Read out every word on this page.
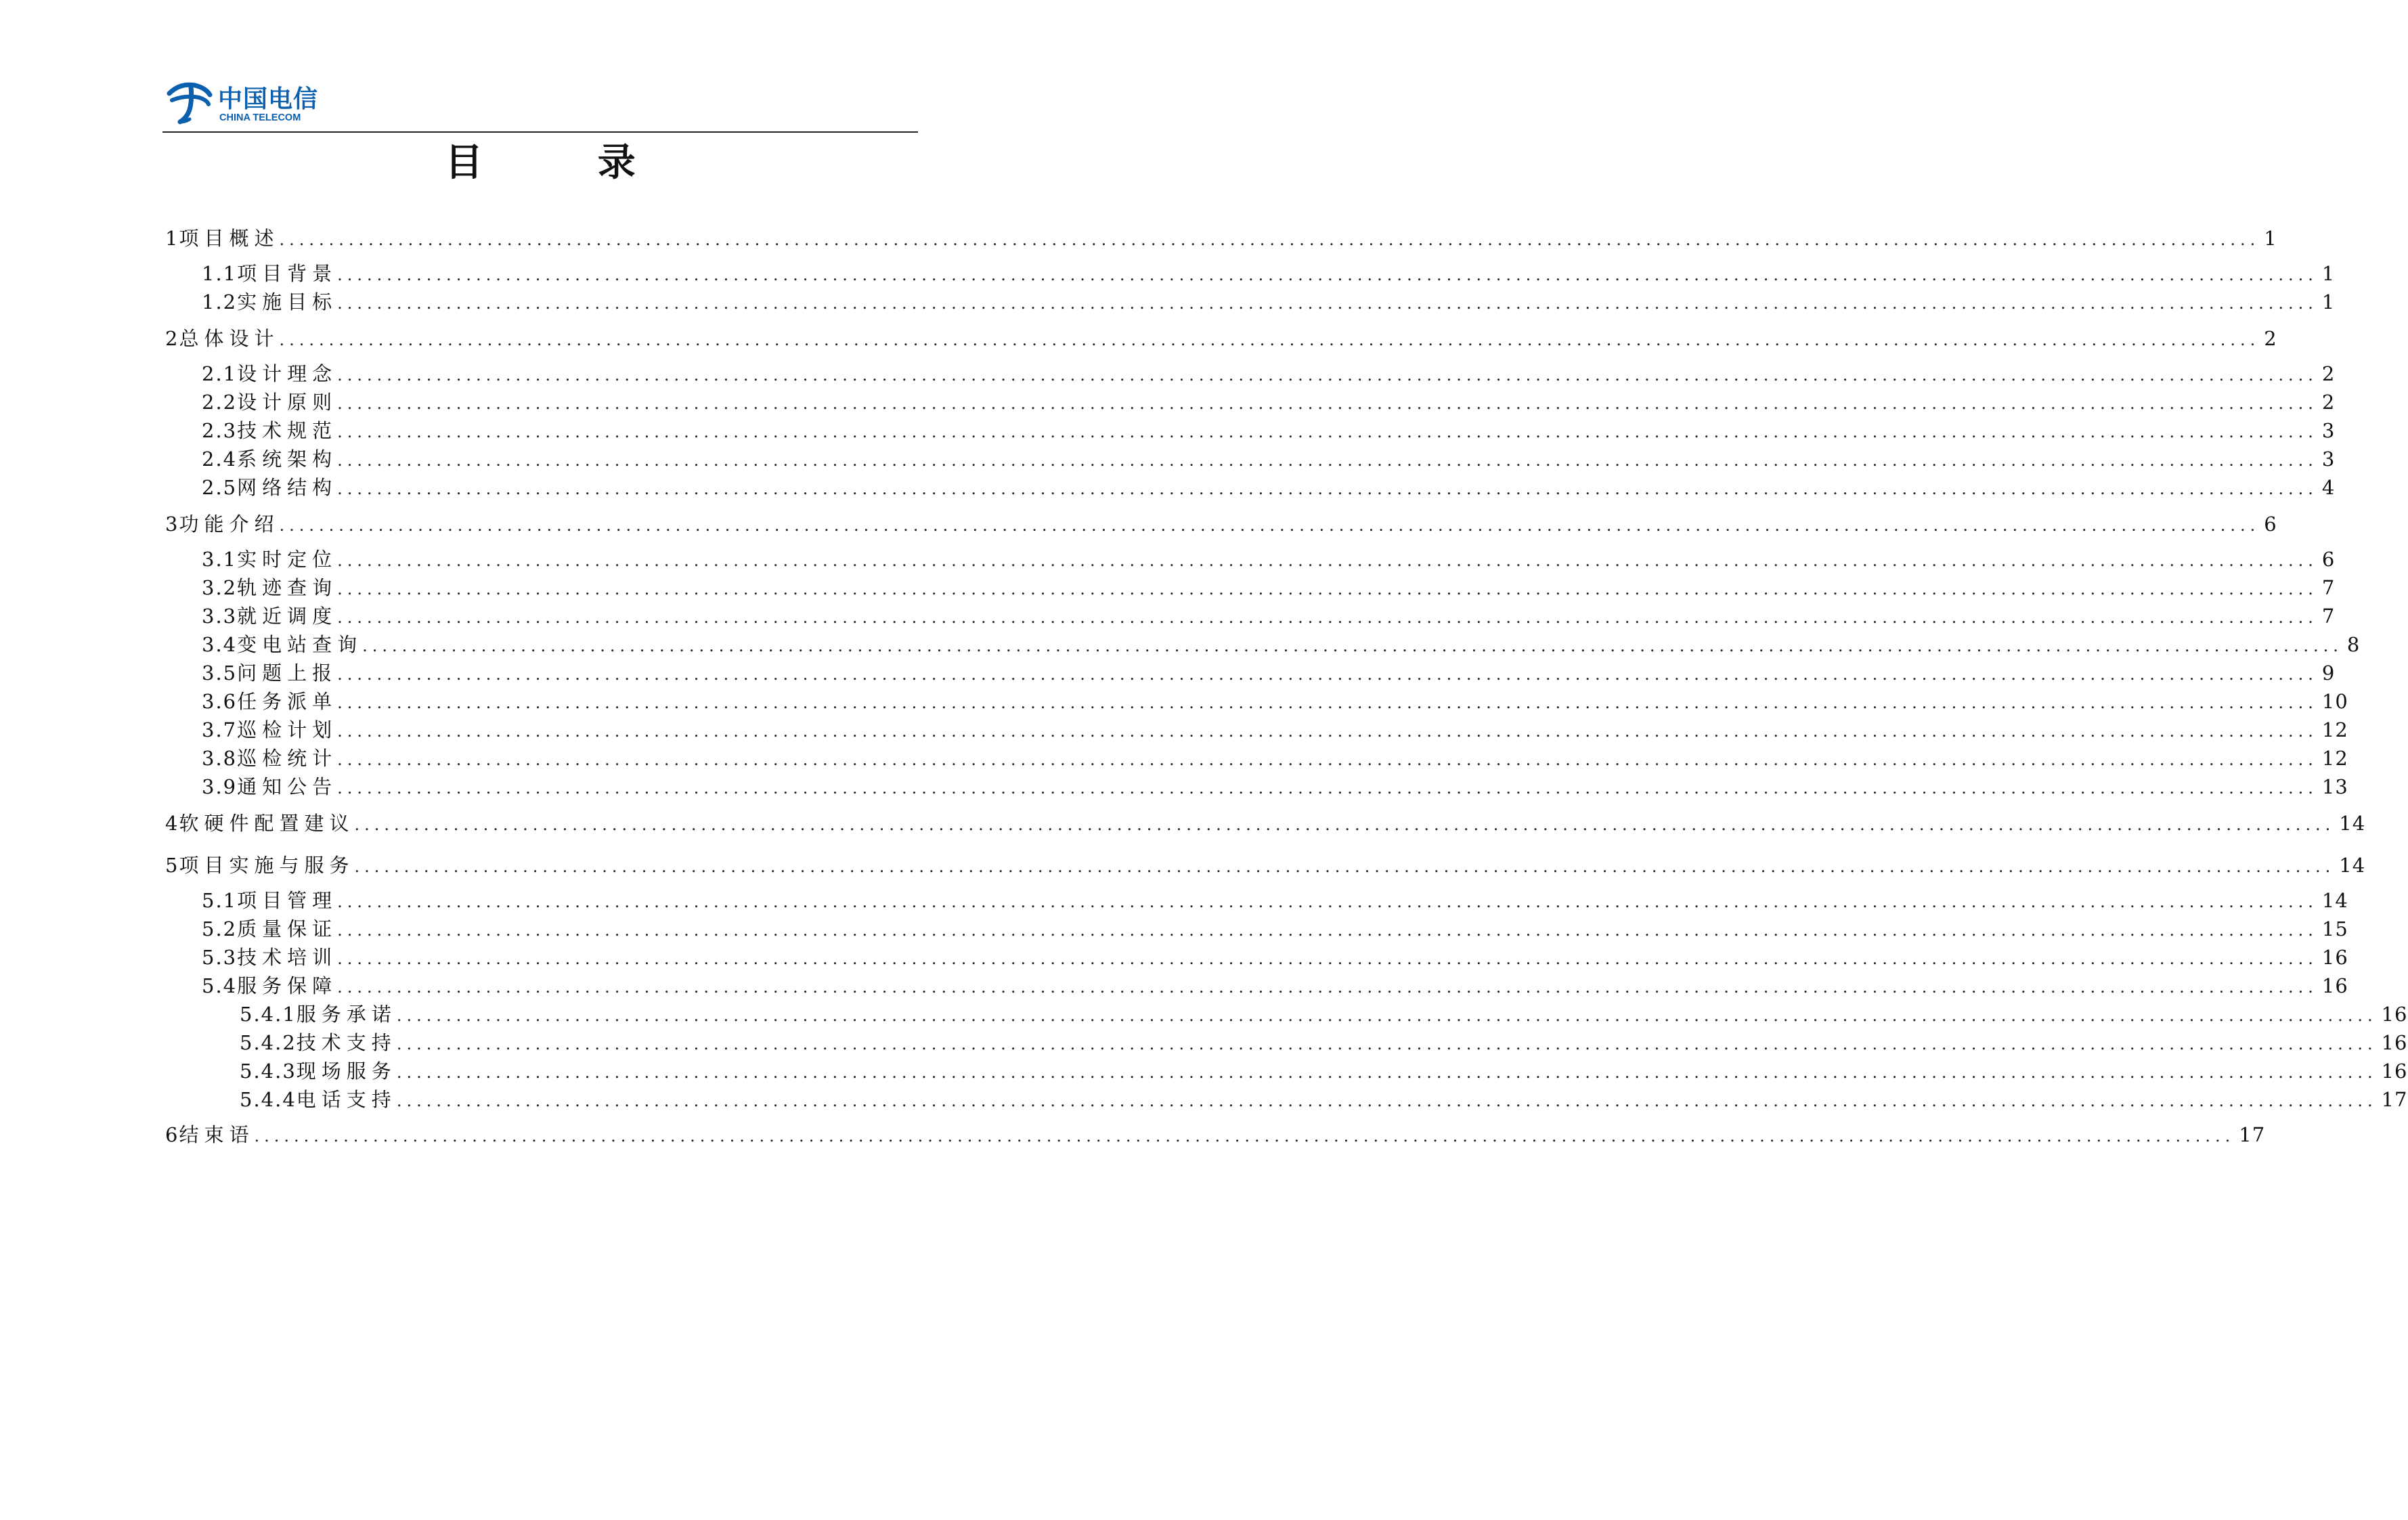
中国电信
CHINA TELECOM
目 录
1 项目概述 ........................................................................................................................................................................................................ 1
1.1 项目背景 ........................................................................................................................................................................................................ 1
1.2 实施目标 ........................................................................................................................................................................................................ 1
2 总体设计 ........................................................................................................................................................................................................ 2
2.1 设计理念 ........................................................................................................................................................................................................ 2
2.2 设计原则 ........................................................................................................................................................................................................ 2
2.3 技术规范 ........................................................................................................................................................................................................ 3
2.4 系统架构 ........................................................................................................................................................................................................ 3
2.5 网络结构 ........................................................................................................................................................................................................ 4
3 功能介绍 ........................................................................................................................................................................................................ 6
3.1 实时定位 ........................................................................................................................................................................................................ 6
3.2 轨迹查询 ........................................................................................................................................................................................................ 7
3.3 就近调度 ........................................................................................................................................................................................................ 7
3.4 变电站查询 ........................................................................................................................................................................................................ 8
3.5 问题上报 ........................................................................................................................................................................................................ 9
3.6 任务派单 ........................................................................................................................................................................................................ 10
3.7 巡检计划 ........................................................................................................................................................................................................ 12
3.8 巡检统计 ........................................................................................................................................................................................................ 12
3.9 通知公告 ........................................................................................................................................................................................................ 13
4 软硬件配置建议 ........................................................................................................................................................................................................ 14
5 项目实施与服务 ........................................................................................................................................................................................................ 14
5.1 项目管理 ........................................................................................................................................................................................................ 14
5.2 质量保证 ........................................................................................................................................................................................................ 15
5.3 技术培训 ........................................................................................................................................................................................................ 16
5.4 服务保障 ........................................................................................................................................................................................................ 16
5.4.1 服务承诺 ........................................................................................................................................................................................................ 16
5.4.2 技术支持 ........................................................................................................................................................................................................ 16
5.4.3 现场服务 ........................................................................................................................................................................................................ 16
5.4.4 电话支持 ........................................................................................................................................................................................................ 17
6 结束语 ........................................................................................................................................................................................................ 17
